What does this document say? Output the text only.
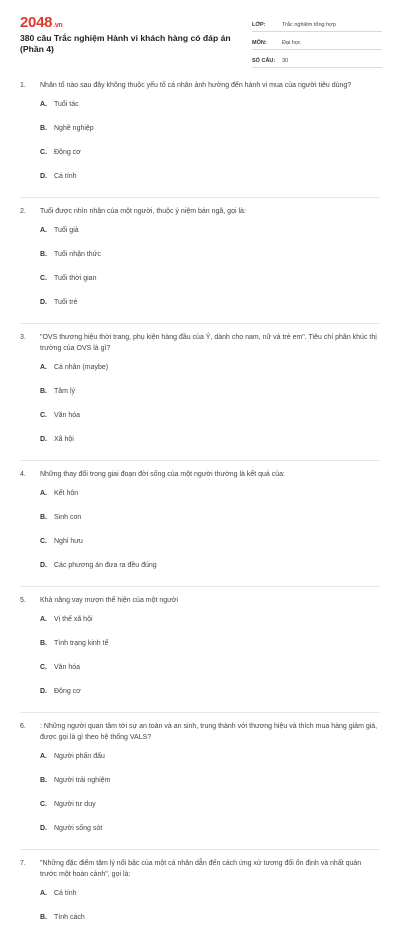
2048.vn
380 câu Trắc nghiệm Hành vi khách hàng có đáp án (Phần 4)
LỚP:	Trắc nghiệm tổng hợp
MÔN:	Đại học
SỐ CÂU:	30
1.	Nhân tố nào sau đây không thuộc yếu tố cá nhân ảnh hưởng đến hành vi mua của người tiêu dùng?
A.	Tuổi tác
B.	Nghề nghiệp
C.	Động cơ
D.	Cá tính
2.	Tuổi được nhìn nhận của một người, thuộc ý niệm bản ngã, gọi là:
A.	Tuổi già
B.	Tuổi nhận thức
C.	Tuổi thời gian
D.	Tuổi trẻ
3.	"OVS thương hiệu thời trang, phụ kiện hàng đầu của Ý, dành cho nam, nữ và trẻ em". Tiêu chí phân khúc thị trường của OVS là gì?
A.	Cá nhân (maybe)
B.	Tâm lý
C.	Văn hóa
D.	Xã hội
4.	Những thay đổi trong giai đoạn đời sống của một người thường là kết quả của:
A.	Kết hôn
B.	Sinh con
C.	Nghỉ hưu
D.	Các phương án đưa ra đều đúng
5.	Khả năng vay mượn thể hiện của một người
A.	Vị thế xã hội
B.	Tình trạng kinh tế
C.	Văn hóa
D.	Động cơ
6.	: Những người quan tâm tới sự an toàn và an sinh, trung thành với thương hiệu và thích mua hàng giảm giá, được gọi là gì theo hệ thống VALS?
A.	Người phấn đấu
B.	Người trải nghiệm
C.	Người tư duy
D.	Người sống sót
7.	"Những đặc điểm tâm lý nổi bậc của một cá nhân dẫn đến cách ứng xử tương đối ổn định và nhất quán trước một hoàn cảnh", gọi là:
A.	Cá tính
B.	Tính cách
